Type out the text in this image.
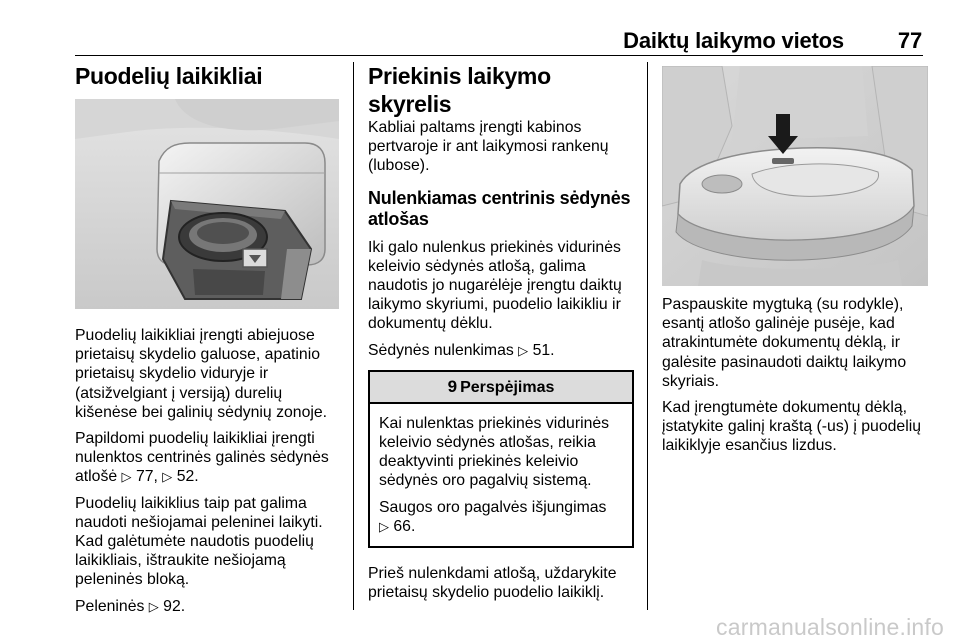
Daiktų laikymo vietos 77
Puodelių laikikliai

Puodelių laikikliai įrengti abiejuose prietaisų skydelio galuose, apatinio prietaisų skydelio viduryje ir (atsižvelgiant į versiją) durelių kišenėse bei galinių sėdynių zonoje.

Papildomi puodelių laikikliai įrengti nulenktos centrinės galinės sėdynės atlošė ▷ 77, ▷ 52.

Puodelių laikiklius taip pat galima naudoti nešiojamai peleninei laikyti. Kad galėtumėte naudotis puodelių laikikliais, ištraukite nešiojamą peleninės bloką.

Peleninės ▷ 92.

Priekinis laikymo skyrelis

Kabliai paltams įrengti kabinos pertvaroje ir ant laikymosi rankenų (lubose).

Nulenkiamas centrinis sėdynės atlošas

Iki galo nulenkus priekinės vidurinės keleivio sėdynės atlošą, galima naudotis jo nugarėlėje įrengtu daiktų laikymo skyriumi, puodelio laikikliu ir dokumentų dėklu.

Sėdynės nulenkimas ▷ 51.

9 Perspėjimas

Kai nulenktas priekinės vidurinės keleivio sėdynės atlošas, reikia deaktyvinti priekinės keleivio sėdynės oro pagalvių sistemą.

Saugos oro pagalvės išjungimas
▷ 66.

Prieš nulenkdami atlošą, uždarykite prietaisų skydelio puodelio laikiklį.

Paspauskite mygtuką (su rodykle), esantį atlošo galinėje pusėje, kad atrakintumėte dokumentų dėklą, ir galėsite pasinaudoti daiktų laikymo skyriais.

Kad įrengtumėte dokumentų dėklą, įstatykite galinį kraštą (-us) į puodelių laikiklyje esančius lizdus.

carmanualsonline.info
